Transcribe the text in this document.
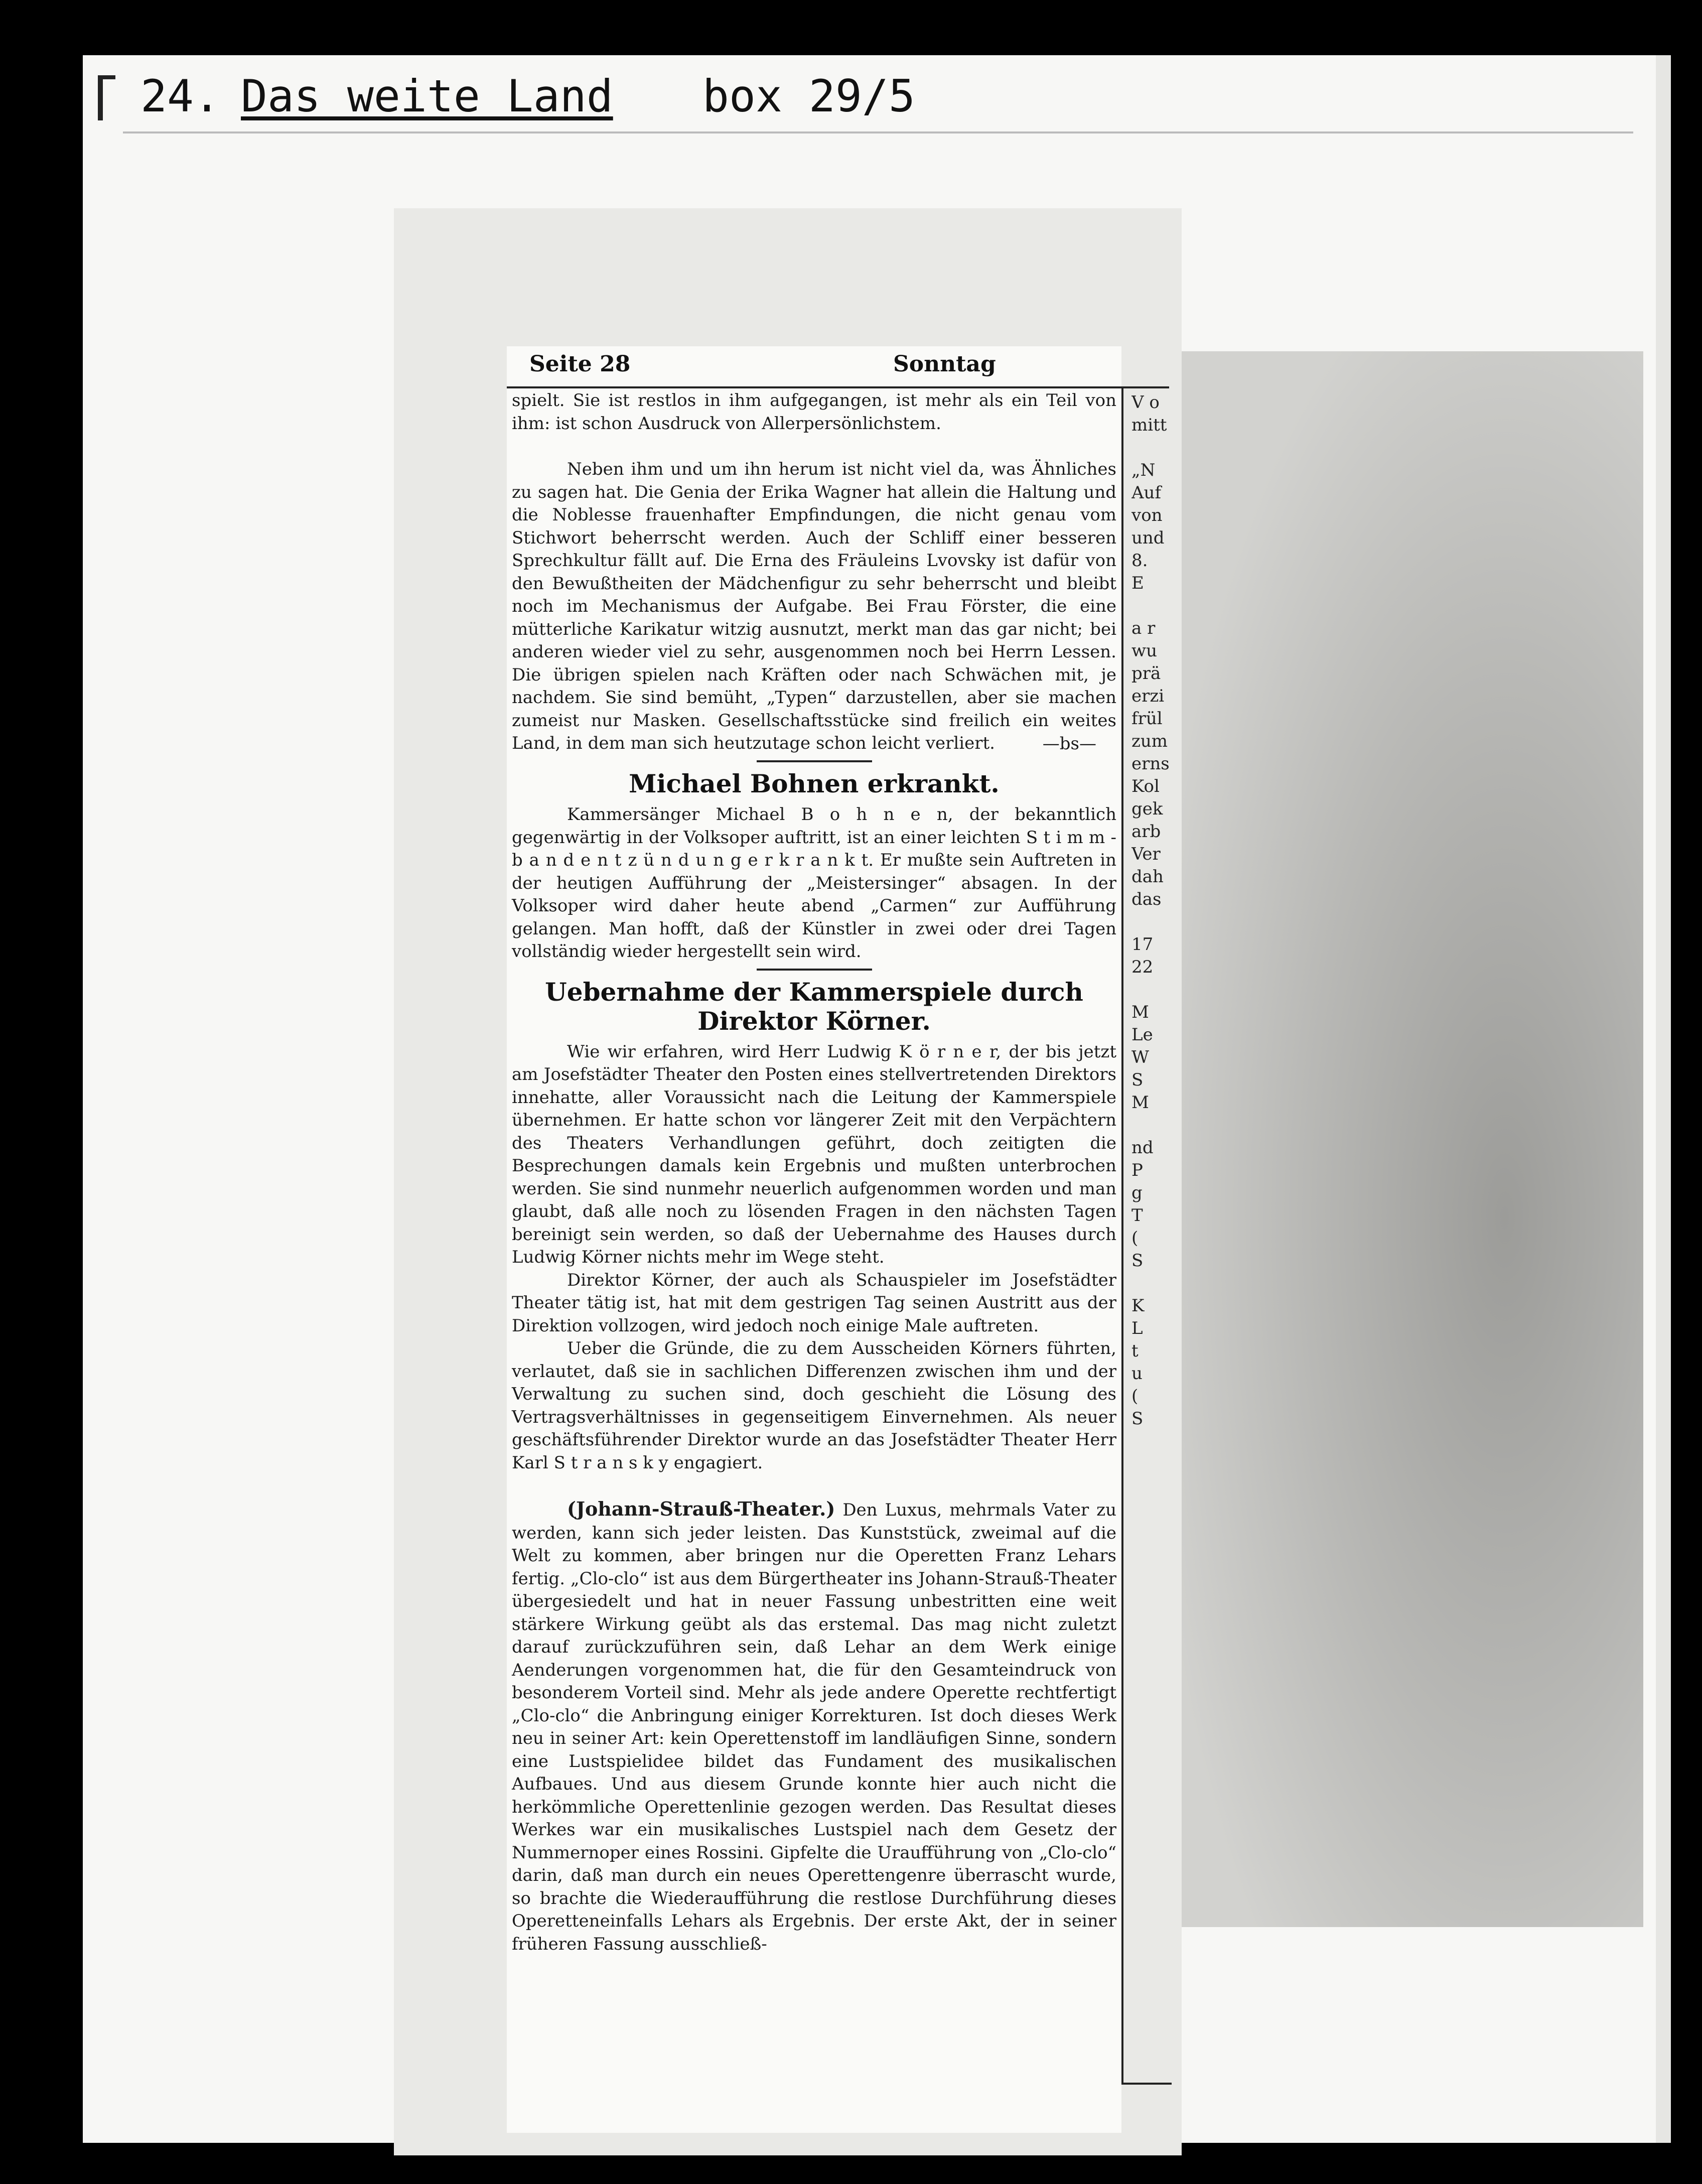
24. Das weite Land box 29/5
Seite 28	Sonntag

spielt. Sie ist restlos in ihm aufgegangen, ist mehr als ein Teil von ihm: ist schon Ausdruck von Allerpersönlichstem.

Neben ihm und um ihn herum ist nicht viel da, was Ähnliches zu sagen hat. Die Genia der Erika Wagner hat allein die Haltung und die Noblesse frauenhafter Empfindungen, die nicht genau vom Stichwort beherrscht werden. Auch der Schliff einer besseren Sprechkultur fällt auf. Die Erna des Fräuleins Lvovsky ist dafür von den Bewußtheiten der Mädchenfigur zu sehr beherrscht und bleibt noch im Mechanismus der Aufgabe. Bei Frau Förster, die eine mütterliche Karikatur witzig ausnutzt, merkt man das gar nicht; bei anderen wieder viel zu sehr, ausgenommen noch bei Herrn Lessen. Die übrigen spielen nach Kräften oder nach Schwächen mit, je nachdem. Sie sind bemüht, „Typen“ darzustellen, aber sie machen zumeist nur Masken. Gesellschaftsstücke sind freilich ein weites Land, in dem man sich heutzutage schon leicht verliert.	—bs—

Michael Bohnen erkrankt.

Kammersänger Michael B o h n e n, der bekanntlich gegenwärtig in der Volksoper auftritt, ist an einer leichten S t i m m - b a n d e n t z ü n d u n g e r k r a n k t. Er mußte sein Auftreten in der heutigen Aufführung der „Meistersinger“ absagen. In der Volksoper wird daher heute abend „Carmen“ zur Aufführung gelangen. Man hofft, daß der Künstler in zwei oder drei Tagen vollständig wieder hergestellt sein wird.

Uebernahme der Kammerspiele durch Direktor Körner.

Wie wir erfahren, wird Herr Ludwig K ö r n e r, der bis jetzt am Josefstädter Theater den Posten eines stellvertretenden Direktors innehatte, aller Voraussicht nach die Leitung der Kammerspiele übernehmen. Er hatte schon vor längerer Zeit mit den Verpächtern des Theaters Verhandlungen geführt, doch zeitigten die Besprechungen damals kein Ergebnis und mußten unterbrochen werden. Sie sind nunmehr neuerlich aufgenommen worden und man glaubt, daß alle noch zu lösenden Fragen in den nächsten Tagen bereinigt sein werden, so daß der Uebernahme des Hauses durch Ludwig Körner nichts mehr im Wege steht.

Direktor Körner, der auch als Schauspieler im Josefstädter Theater tätig ist, hat mit dem gestrigen Tag seinen Austritt aus der Direktion vollzogen, wird jedoch noch einige Male auftreten.

Ueber die Gründe, die zu dem Ausscheiden Körners führten, verlautet, daß sie in sachlichen Differenzen zwischen ihm und der Verwaltung zu suchen sind, doch geschieht die Lösung des Vertragsverhältnisses in gegenseitigem Einvernehmen. Als neuer geschäftsführender Direktor wurde an das Josefstädter Theater Herr Karl S t r a n s k y engagiert.

(Johann-Strauß-Theater.) Den Luxus, mehrmals Vater zu werden, kann sich jeder leisten. Das Kunststück, zweimal auf die Welt zu kommen, aber bringen nur die Operetten Franz Lehars fertig. „Clo-clo“ ist aus dem Bürgertheater ins Johann-Strauß-Theater übergesiedelt und hat in neuer Fassung unbestritten eine weit stärkere Wirkung geübt als das erstemal. Das mag nicht zuletzt darauf zurückzuführen sein, daß Lehar an dem Werk einige Aenderungen vorgenommen hat, die für den Gesamteindruck von besonderem Vorteil sind. Mehr als jede andere Operette rechtfertigt „Clo-clo“ die Anbringung einiger Korrekturen. Ist doch dieses Werk neu in seiner Art: kein Operettenstoff im landläufigen Sinne, sondern eine Lustspielidee bildet das Fundament des musikalischen Aufbaues. Und aus diesem Grunde konnte hier auch nicht die herkömmliche Operettenlinie gezogen werden. Das Resultat dieses Werkes war ein musikalisches Lustspiel nach dem Gesetz der Nummernoper eines Rossini. Gipfelte die Uraufführung von „Clo-clo“ darin, daß man durch ein neues Operettengenre überrascht wurde, so brachte die Wiederaufführung die restlose Durchführung dieses Operetteneinfalls Lehars als Ergebnis. Der erste Akt, der in seiner früheren Fassung ausschließ-

V o
mitt

„N
Auf
von
und
8.
E

a r
wu
prä
erzi
frül
zum
erns
Kol
gek
arb
Ver
dah
das

17
22

M
Le
W
S
M

nd
P
g
T
(
S

K
L
t
u
(
S
